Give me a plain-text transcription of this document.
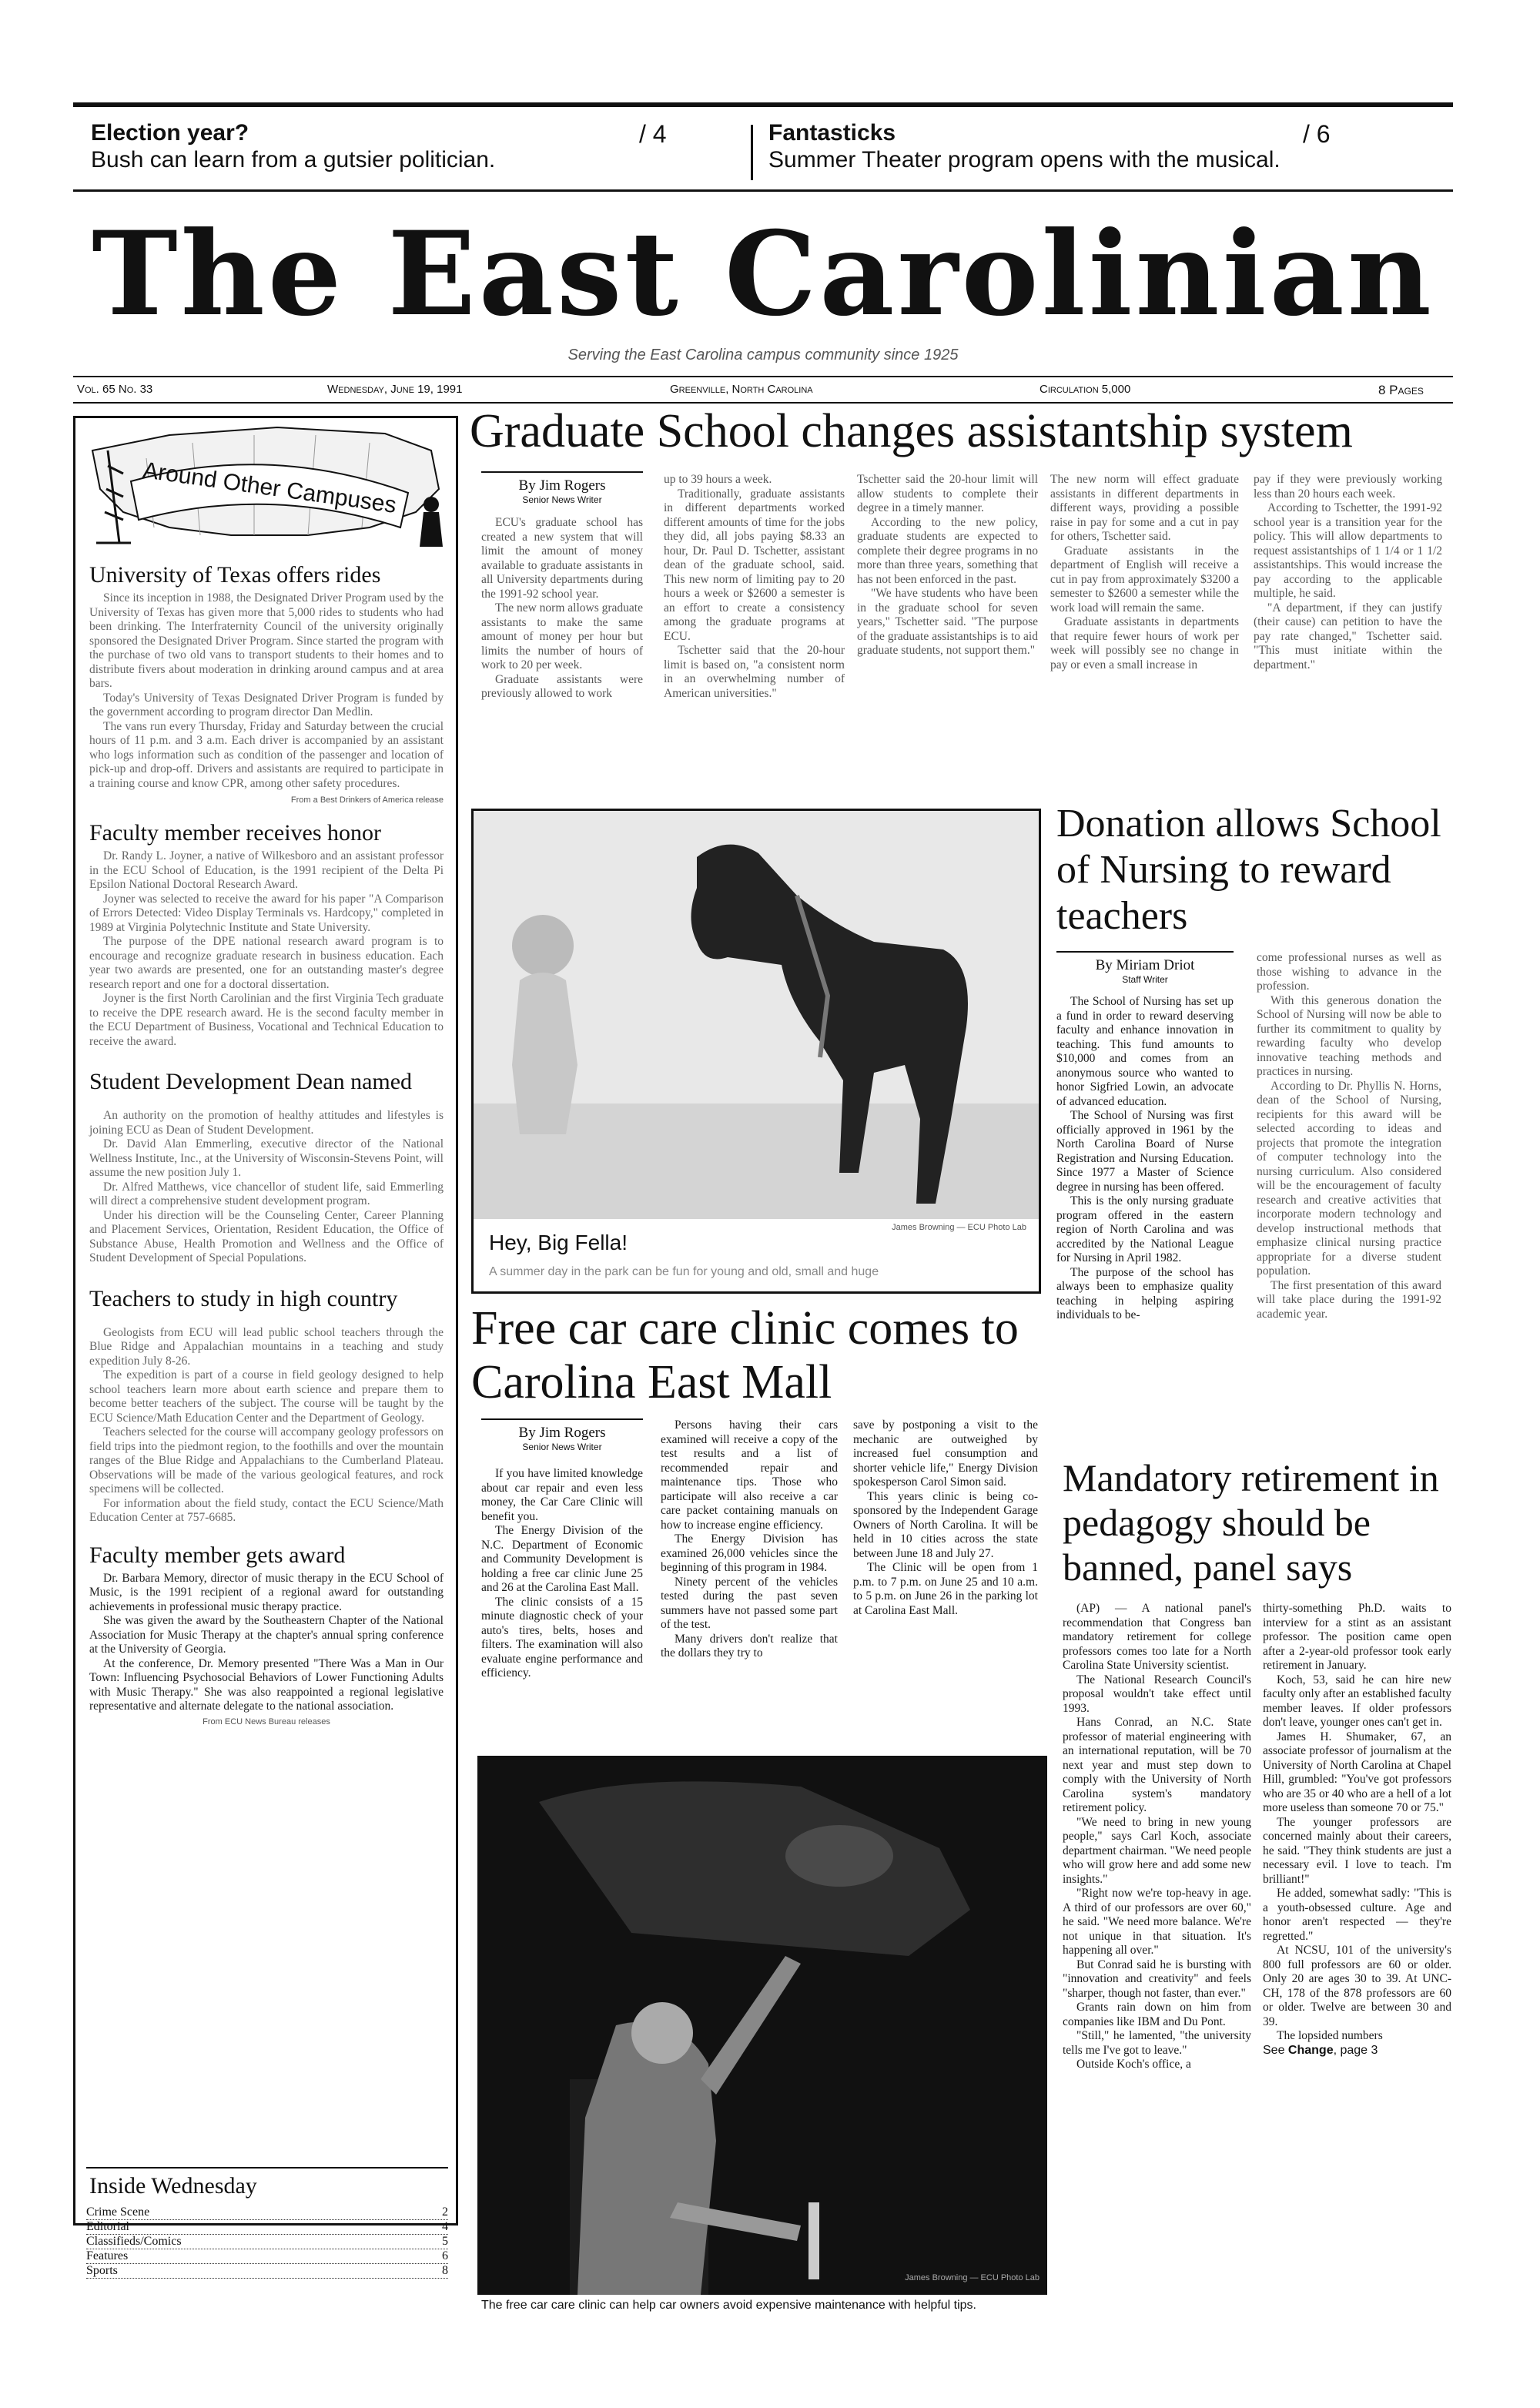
Election year?
Bush can learn from a gutsier politician.
/ 4	Fantasticks
Summer Theater program opens with the musical.
/ 6
The East Carolinian
Serving the East Carolina campus community since 1925
Vol. 65 No. 33	Wednesday, June 19, 1991	Greenville, North Carolina	Circulation 5,000	8 Pages
Around Other Campuses
University of Texas offers rides

Since its inception in 1988, the Designated Driver Program used by the University of Texas has given more that 5,000 rides to students who had been drinking. The Interfraternity Council of the university originally sponsored the Designated Driver Program. Since started the program with the purchase of two old vans to transport students to their homes and to distribute fivers about moderation in drinking around campus and at area bars.

Today's University of Texas Designated Driver Program is funded by the government according to program director Dan Medlin.

The vans run every Thursday, Friday and Saturday between the crucial hours of 11 p.m. and 3 a.m. Each driver is accompanied by an assistant who logs information such as condition of the passenger and location of pick-up and drop-off. Drivers and assistants are required to participate in a training course and know CPR, among other safety procedures.

From a Best Drinkers of America release
Faculty member receives honor

Dr. Randy L. Joyner, a native of Wilkesboro and an assistant professor in the ECU School of Education, is the 1991 recipient of the Delta Pi Epsilon National Doctoral Research Award.

Joyner was selected to receive the award for his paper "A Comparison of Errors Detected: Video Display Terminals vs. Hardcopy," completed in 1989 at Virginia Polytechnic Institute and State University.

The purpose of the DPE national research award program is to encourage and recognize graduate research in business education. Each year two awards are presented, one for an outstanding master's degree research report and one for a doctoral dissertation.

Joyner is the first North Carolinian and the first Virginia Tech graduate to receive the DPE research award. He is the second faculty member in the ECU Department of Business, Vocational and Technical Education to receive the award.

Student Development Dean named

An authority on the promotion of healthy attitudes and lifestyles is joining ECU as Dean of Student Development.

Dr. David Alan Emmerling, executive director of the National Wellness Institute, Inc., at the University of Wisconsin-Stevens Point, will assume the new position July 1.

Dr. Alfred Matthews, vice chancellor of student life, said Emmerling will direct a comprehensive student development program.

Under his direction will be the Counseling Center, Career Planning and Placement Services, Orientation, Resident Education, the Office of Substance Abuse, Health Promotion and Wellness and the Office of Student Development of Special Populations.

Teachers to study in high country

Geologists from ECU will lead public school teachers through the Blue Ridge and Appalachian mountains in a teaching and study expedition July 8-26.

The expedition is part of a course in field geology designed to help school teachers learn more about earth science and prepare them to become better teachers of the subject. The course will be taught by the ECU Science/Math Education Center and the Department of Geology.

Teachers selected for the course will accompany geology professors on field trips into the piedmont region, to the foothills and over the mountain ranges of the Blue Ridge and Appalachians to the Cumberland Plateau. Observations will be made of the various geological features, and rock specimens will be collected.

For information about the field study, contact the ECU Science/Math Education Center at 757-6685.

Faculty member gets award

Dr. Barbara Memory, director of music therapy in the ECU School of Music, is the 1991 recipient of a regional award for outstanding achievements in professional music therapy practice.

She was given the award by the Southeastern Chapter of the National Association for Music Therapy at the chapter's annual spring conference at the University of Georgia.

At the conference, Dr. Memory presented "There Was a Man in Our Town: Influencing Psychosocial Behaviors of Lower Functioning Adults with Music Therapy." She was also reappointed a regional legislative representative and alternate delegate to the national association.

From ECU News Bureau releases
Inside Wednesday
Crime Scene	2
Editorial	4
Classifieds/Comics	5
Features	6
Sports	8
Graduate School changes assistantship system
By Jim Rogers
Senior News Writer

ECU's graduate school has created a new system that will limit the amount of money available to graduate assistants in all University departments during the 1991-92 school year.

The new norm allows graduate assistants to make the same amount of money per hour but limits the number of hours of work to 20 per week.

Graduate assistants were previously allowed to work

up to 39 hours a week.

Traditionally, graduate assistants in different departments worked different amounts of time for the jobs they did, all jobs paying $8.33 an hour, Dr. Paul D. Tschetter, assistant dean of the graduate school, said. This new norm of limiting pay to 20 hours a week or $2600 a semester is an effort to create a consistency among the graduate programs at ECU.

Tschetter said that the 20-hour limit is based on, "a consistent norm in an overwhelming number of American universities."

Tschetter said the 20-hour limit will allow students to complete their degree in a timely manner.

According to the new policy, graduate students are expected to complete their degree programs in no more than three years, something that has not been enforced in the past.

"We have students who have been in the graduate school for seven years," Tschetter said. "The purpose of the graduate assistantships is to aid graduate students, not support them."

The new norm will effect graduate assistants in different departments in different ways, providing a possible raise in pay for some and a cut in pay for others, Tschetter said.

Graduate assistants in the department of English will receive a cut in pay from approximately $3200 a semester to $2600 a semester while the work load will remain the same.

Graduate assistants in departments that require fewer hours of work per week will possibly see no change in pay or even a small increase in

pay if they were previously working less than 20 hours each week.

According to Tschetter, the 1991-92 school year is a transition year for the policy. This will allow departments to request assistantships of 1 1/4 or 1 1/2 assistantships. This would increase the pay according to the applicable multiple, he said.

"A department, if they can justify (their cause) can petition to have the pay rate changed," Tschetter said. "This must initiate within the department."

Hey, Big Fella!
James Browning — ECU Photo Lab
A summer day in the park can be fun for young and old, small and huge
Donation allows School of Nursing to reward teachers
By Miriam Driot
Staff Writer

The School of Nursing has set up a fund in order to reward deserving faculty and enhance innovation in teaching. This fund amounts to $10,000 and comes from an anonymous source who wanted to honor Sigfried Lowin, an advocate of advanced education.

The School of Nursing was first officially approved in 1961 by the North Carolina Board of Nurse Registration and Nursing Education. Since 1977 a Master of Science degree in nursing has been offered.

This is the only nursing graduate program offered in the eastern region of North Carolina and was accredited by the National League for Nursing in April 1982.

The purpose of the school has always been to emphasize quality teaching in helping aspiring individuals to be-

come professional nurses as well as those wishing to advance in the profession.

With this generous donation the School of Nursing will now be able to further its commitment to quality by rewarding faculty who develop innovative teaching methods and practices in nursing.

According to Dr. Phyllis N. Horns, dean of the School of Nursing, recipients for this award will be selected according to ideas and projects that promote the integration of computer technology into the nursing curriculum. Also considered will be the encouragement of faculty research and creative activities that incorporate modern technology and develop instructional methods that emphasize clinical nursing practice appropriate for a diverse student population.

The first presentation of this award will take place during the 1991-92 academic year.

Free car care clinic comes to Carolina East Mall
By Jim Rogers
Senior News Writer

If you have limited knowledge about car repair and even less money, the Car Care Clinic will benefit you.

The Energy Division of the N.C. Department of Economic and Community Development is holding a free car clinic June 25 and 26 at the Carolina East Mall.

The clinic consists of a 15 minute diagnostic check of your auto's tires, belts, hoses and filters. The examination will also evaluate engine performance and efficiency.

Persons having their cars examined will receive a copy of the test results and a list of recommended repair and maintenance tips. Those who participate will also receive a car care packet containing manuals on how to increase engine efficiency.

The Energy Division has examined 26,000 vehicles since the beginning of this program in 1984.

Ninety percent of the vehicles tested during the past seven summers have not passed some part of the test.

Many drivers don't realize that the dollars they try to

save by postponing a visit to the mechanic are outweighed by increased fuel consumption and shorter vehicle life," Energy Division spokesperson Carol Simon said.

This years clinic is being co-sponsored by the Independent Garage Owners of North Carolina. It will be held in 10 cities across the state between June 18 and July 27.

The Clinic will be open from 1 p.m. to 7 p.m. on June 25 and 10 a.m. to 5 p.m. on June 26 in the parking lot at Carolina East Mall.

James Browning — ECU Photo Lab
The free car care clinic can help car owners avoid expensive maintenance with helpful tips.
Mandatory retirement in pedagogy should be banned, panel says

(AP) — A national panel's recommendation that Congress ban mandatory retirement for college professors comes too late for a North Carolina State University scientist.

The National Research Council's proposal wouldn't take effect until 1993.

Hans Conrad, an N.C. State professor of material engineering with an international reputation, will be 70 next year and must step down to comply with the University of North Carolina system's mandatory retirement policy.

"We need to bring in new young people," says Carl Koch, associate department chairman. "We need people who will grow here and add some new insights."

"Right now we're top-heavy in age. A third of our professors are over 60," he said. "We need more balance. We're not unique in that situation. It's happening all over."

But Conrad said he is bursting with "innovation and creativity" and feels "sharper, though not faster, than ever."

Grants rain down on him from companies like IBM and Du Pont.

"Still," he lamented, "the university tells me I've got to leave."

Outside Koch's office, a

thirty-something Ph.D. waits to interview for a stint as an assistant professor. The position came open after a 2-year-old professor took early retirement in January.

Koch, 53, said he can hire new faculty only after an established faculty member leaves. If older professors don't leave, younger ones can't get in.

James H. Shumaker, 67, an associate professor of journalism at the University of North Carolina at Chapel Hill, grumbled: "You've got professors who are 35 or 40 who are a hell of a lot more useless than someone 70 or 75."

The younger professors are concerned mainly about their careers, he said. "They think students are just a necessary evil. I love to teach. I'm brilliant!"

He added, somewhat sadly: "This is a youth-obsessed culture. Age and honor aren't respected — they're regretted."

At NCSU, 101 of the university's 800 full professors are 60 or older. Only 20 are ages 30 to 39. At UNC-CH, 178 of the 878 professors are 60 or older. Twelve are between 30 and 39.

The lopsided numbers

See Change, page 3
